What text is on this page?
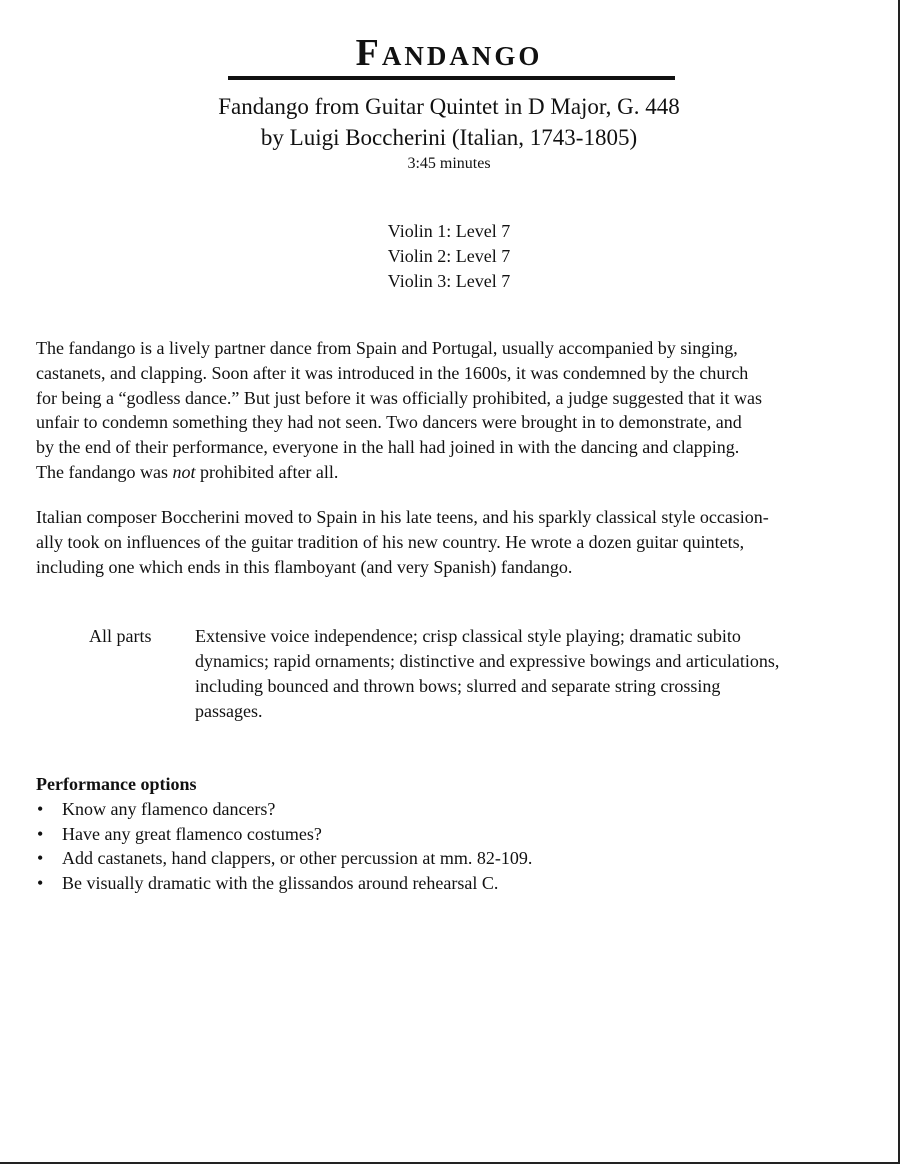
Fandango
Fandango from Guitar Quintet in D Major, G. 448
by Luigi Boccherini (Italian, 1743-1805)
3:45 minutes
Violin 1: Level 7
Violin 2: Level 7
Violin 3: Level 7
The fandango is a lively partner dance from Spain and Portugal, usually accompanied by singing,
castanets, and clapping. Soon after it was introduced in the 1600s, it was condemned by the church
for being a “godless dance.” But just before it was officially prohibited, a judge suggested that it was
unfair to condemn something they had not seen. Two dancers were brought in to demonstrate, and
by the end of their performance, everyone in the hall had joined in with the dancing and clapping.
The fandango was not prohibited after all.
Italian composer Boccherini moved to Spain in his late teens, and his sparkly classical style occasion-
ally took on influences of the guitar tradition of his new country. He wrote a dozen guitar quintets,
including one which ends in this flamboyant (and very Spanish) fandango.
All parts Extensive voice independence; crisp classical style playing; dramatic subito
dynamics; rapid ornaments; distinctive and expressive bowings and articulations,
including bounced and thrown bows; slurred and separate string crossing
passages.
Performance options
• Know any flamenco dancers?
• Have any great flamenco costumes?
• Add castanets, hand clappers, or other percussion at mm. 82-109.
• Be visually dramatic with the glissandos around rehearsal C.
